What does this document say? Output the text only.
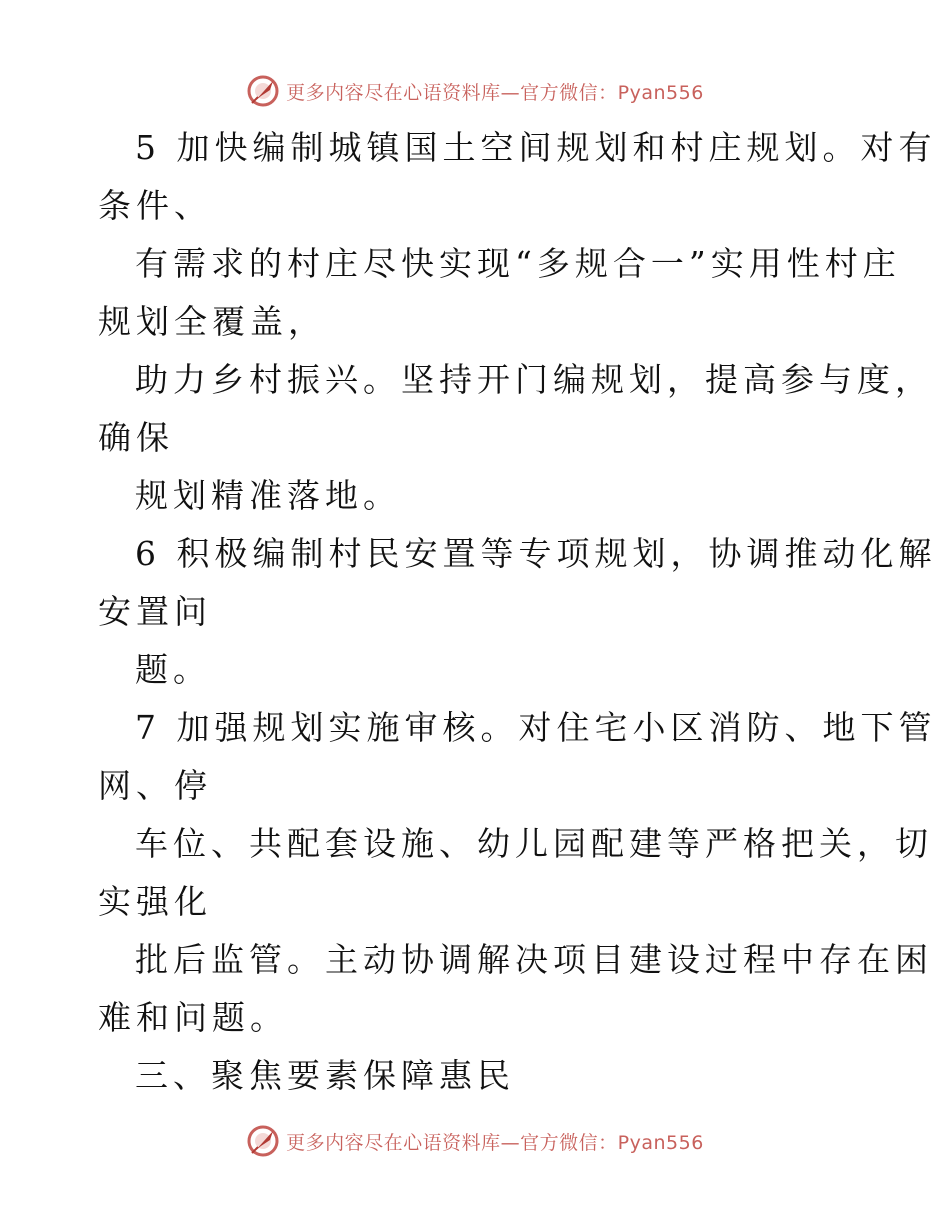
更多内容尽在心语资料库—官方微信：Pyan556
5 加快编制城镇国土空间规划和村庄规划。对有
条件、
有需求的村庄尽快实现“多规合一”实用性村庄
规划全覆盖，
助力乡村振兴。坚持开门编规划，提高参与度，
确保
规划精准落地。
6 积极编制村民安置等专项规划，协调推动化解
安置问
题。
7 加强规划实施审核。对住宅小区消防、地下管
网、停
车位、共配套设施、幼儿园配建等严格把关，切
实强化
批后监管。主动协调解决项目建设过程中存在困
难和问题。
三、聚焦要素保障惠民
更多内容尽在心语资料库—官方微信：Pyan556
